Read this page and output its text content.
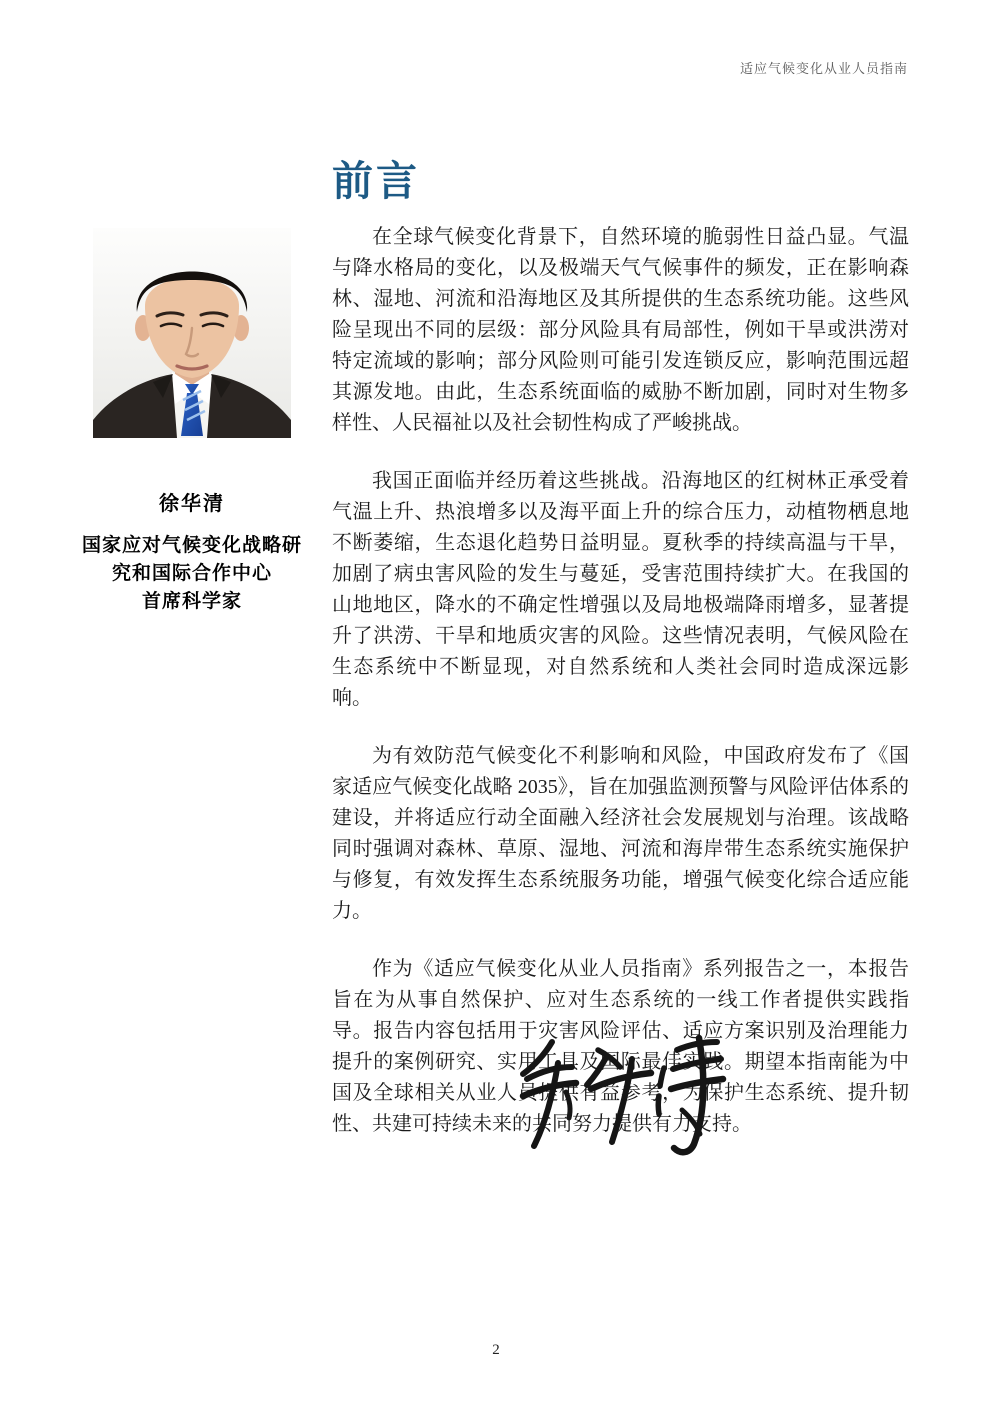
适应气候变化从业人员指南
前言

徐华清

国家应对气候变化战略研

究和国际合作中心

首席科学家

在全球气候变化背景下，自然环境的脆弱性日益凸显。气温与降水格局的变化，以及极端天气气候事件的频发，正在影响森林、湿地、河流和沿海地区及其所提供的生态系统功能。这些风险呈现出不同的层级：部分风险具有局部性，例如干旱或洪涝对特定流域的影响；部分风险则可能引发连锁反应，影响范围远超其源发地。由此，生态系统面临的威胁不断加剧，同时对生物多样性、人民福祉以及社会韧性构成了严峻挑战。

我国正面临并经历着这些挑战。沿海地区的红树林正承受着气温上升、热浪增多以及海平面上升的综合压力，动植物栖息地不断萎缩，生态退化趋势日益明显。夏秋季的持续高温与干旱，加剧了病虫害风险的发生与蔓延，受害范围持续扩大。在我国的山地地区，降水的不确定性增强以及局地极端降雨增多，显著提升了洪涝、干旱和地质灾害的风险。这些情况表明，气候风险在生态系统中不断显现，对自然系统和人类社会同时造成深远影响。

为有效防范气候变化不利影响和风险，中国政府发布了《国家适应气候变化战略 2035》，旨在加强监测预警与风险评估体系的建设，并将适应行动全面融入经济社会发展规划与治理。该战略同时强调对森林、草原、湿地、河流和海岸带生态系统实施保护与修复，有效发挥生态系统服务功能，增强气候变化综合适应能力。

作为《适应气候变化从业人员指南》系列报告之一，本报告旨在为从事自然保护、应对生态系统的一线工作者提供实践指导。报告内容包括用于灾害风险评估、适应方案识别及治理能力提升的案例研究、实用工具及国际最佳实践。期望本指南能为中国及全球相关从业人员提供有益参考，为保护生态系统、提升韧性、共建可持续未来的共同努力提供有力支持。

2
